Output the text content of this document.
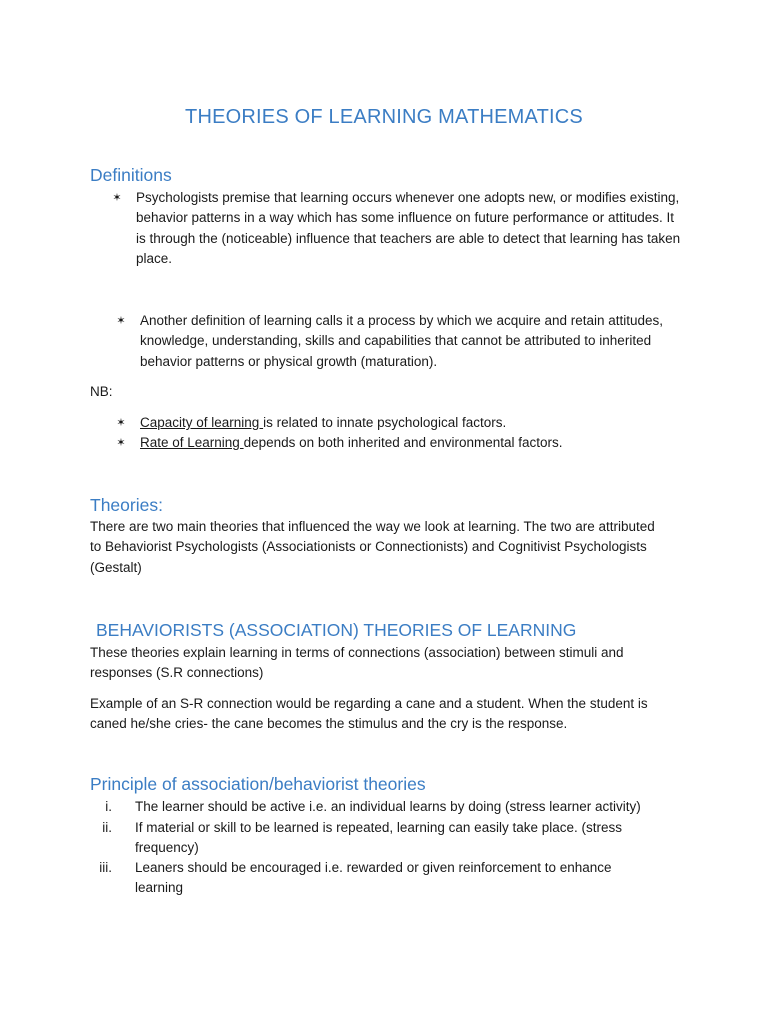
THEORIES OF LEARNING MATHEMATICS
Definitions
✶ Psychologists premise that learning occurs whenever one adopts new, or modifies existing, behavior patterns in a way which has some influence on future performance or attitudes. It is through the (noticeable) influence that teachers are able to detect that learning has taken place.
✶ Another definition of learning calls it a process by which we acquire and retain attitudes, knowledge, understanding, skills and capabilities that cannot be attributed to inherited behavior patterns or physical growth (maturation).
NB:
✶ Capacity of learning is related to innate psychological factors.
✶ Rate of Learning depends on both inherited and environmental factors.
Theories:
There are two main theories that influenced the way we look at learning. The two are attributed to Behaviorist Psychologists (Associationists or Connectionists) and Cognitivist Psychologists (Gestalt)
BEHAVIORISTS (ASSOCIATION) THEORIES OF LEARNING
These theories explain learning in terms of connections (association) between stimuli and responses (S.R connections)
Example of an S-R connection would be regarding a cane and a student. When the student is caned he/she cries- the cane becomes the stimulus and the cry is the response.
Principle of association/behaviorist theories
i. The learner should be active i.e. an individual learns by doing (stress learner activity)
ii. If material or skill to be learned is repeated, learning can easily take place. (stress frequency)
iii. Leaners should be encouraged i.e. rewarded or given reinforcement to enhance learning
